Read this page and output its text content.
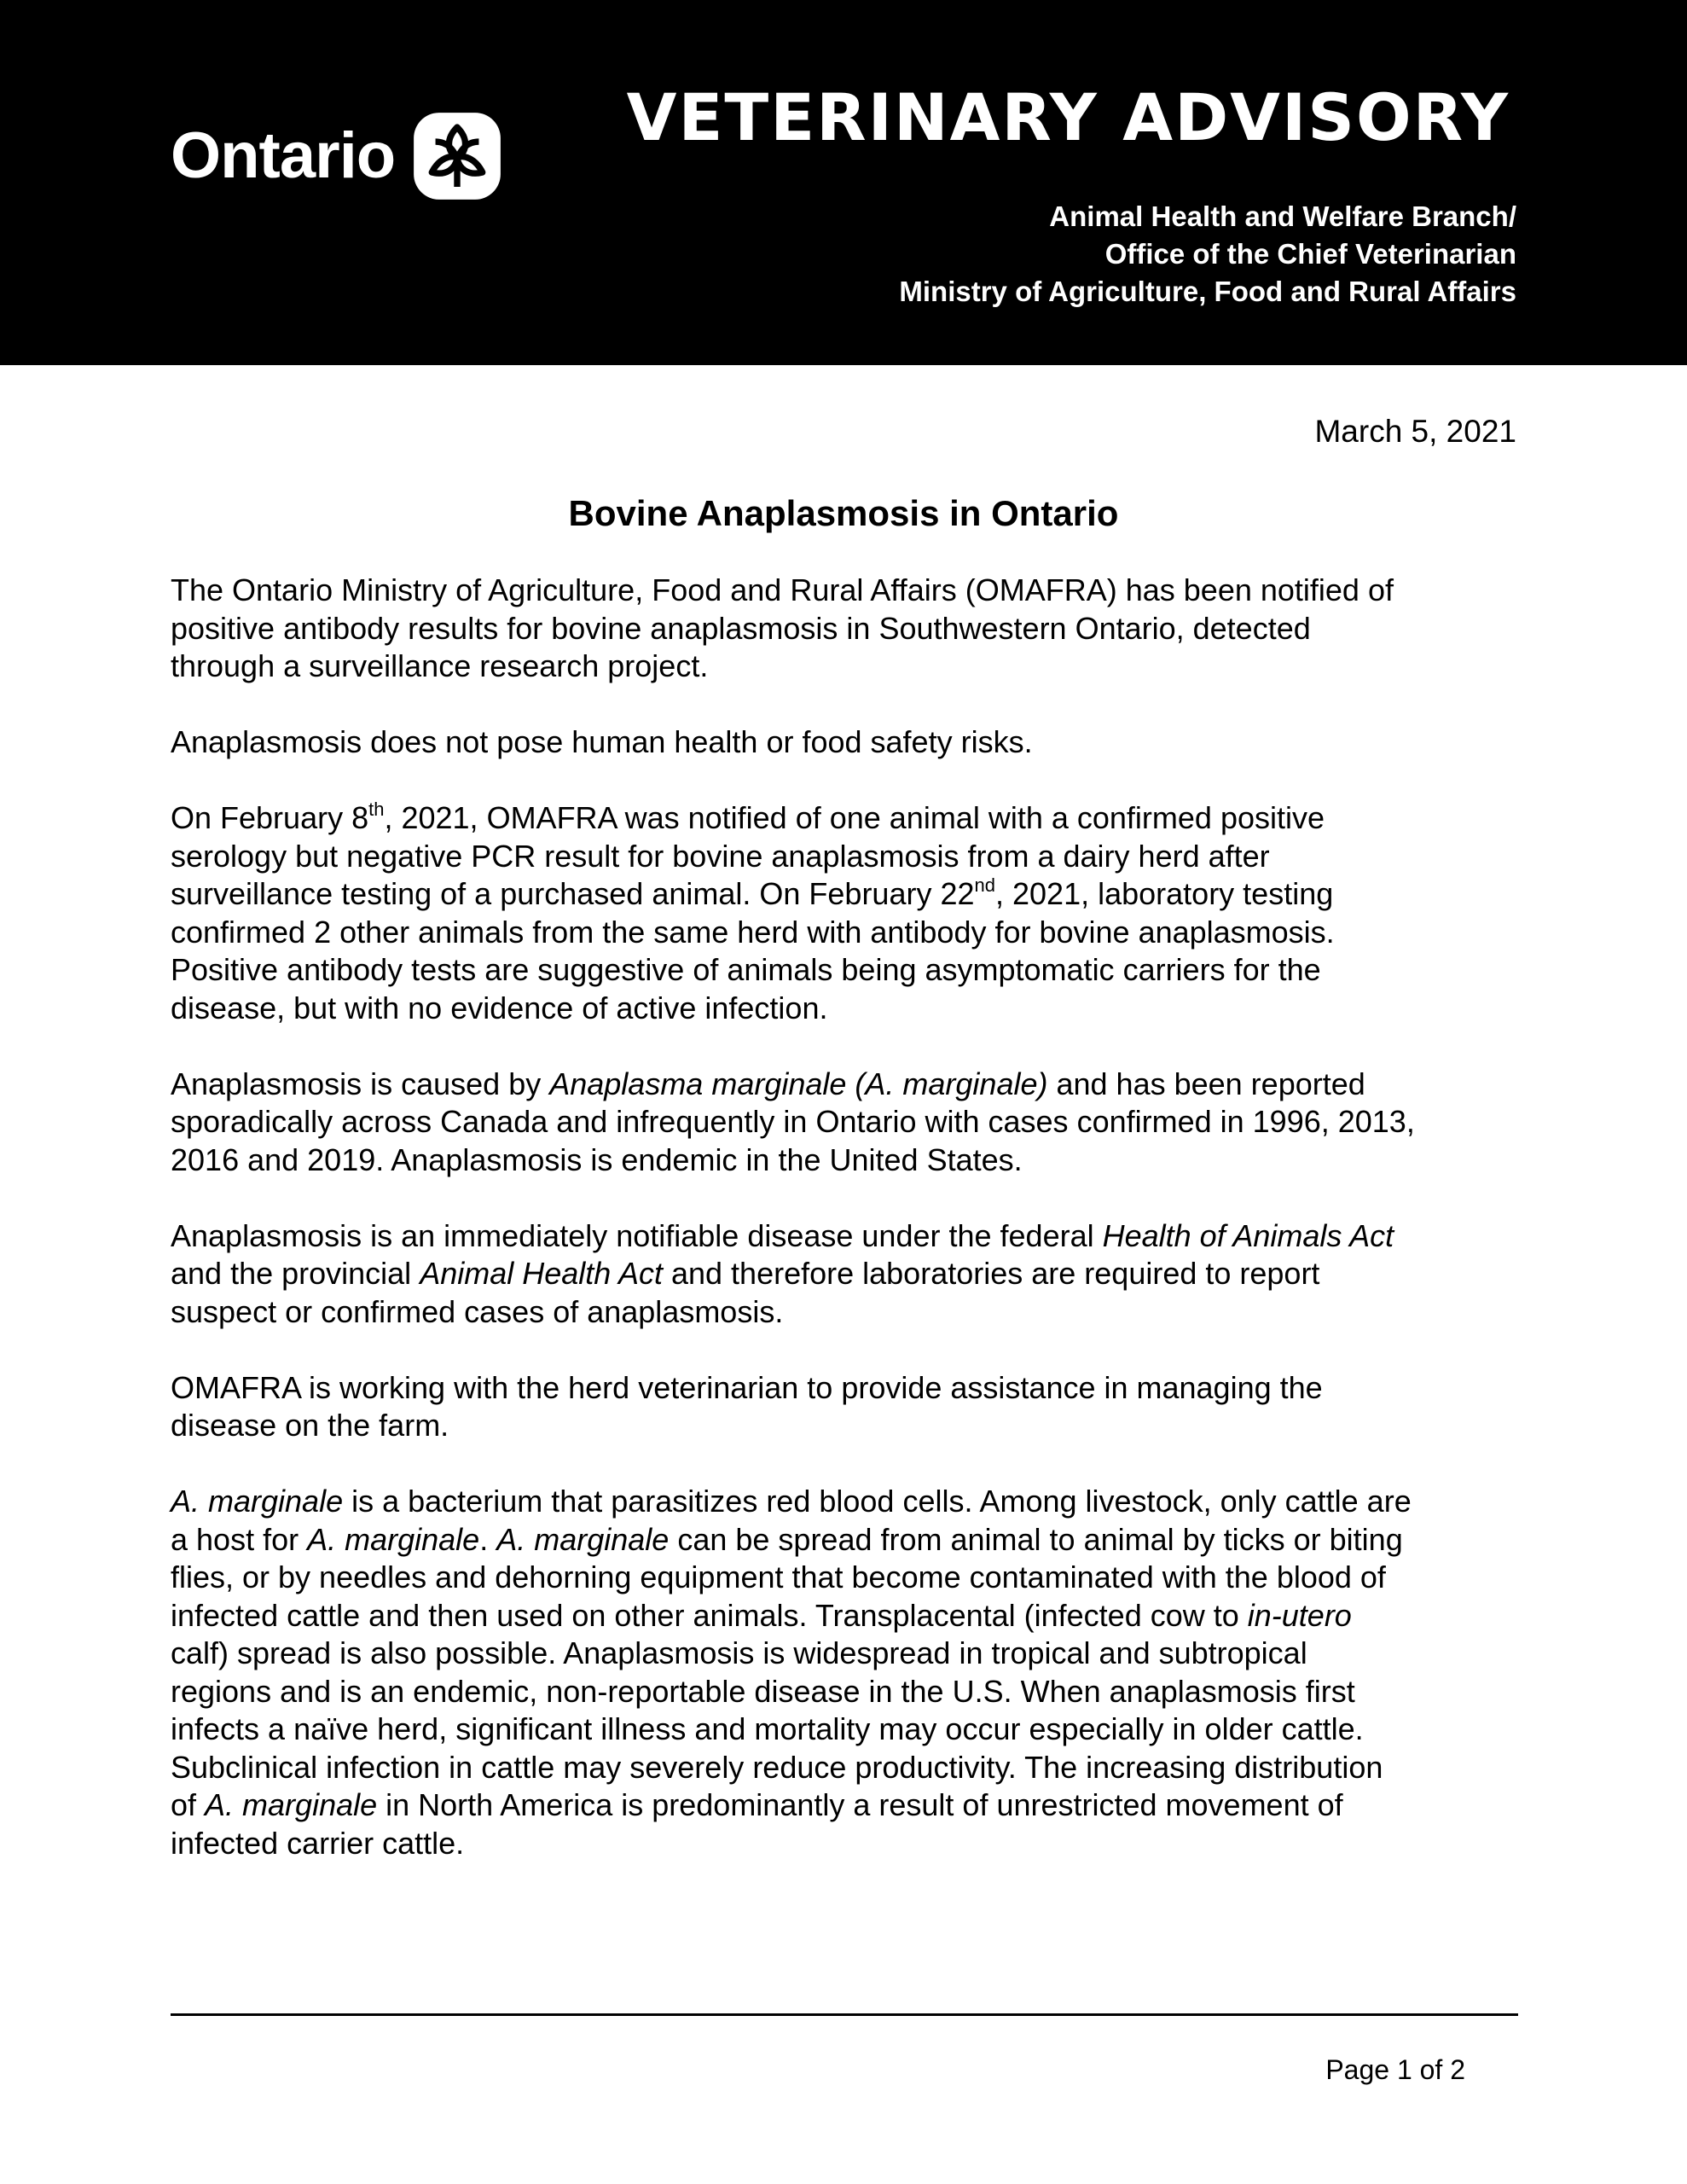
Ontario
VETERINARY ADVISORY
Animal Health and Welfare Branch/
Office of the Chief Veterinarian
Ministry of Agriculture, Food and Rural Affairs
March 5, 2021
Bovine Anaplasmosis in Ontario

The Ontario Ministry of Agriculture, Food and Rural Affairs (OMAFRA) has been notified of
positive antibody results for bovine anaplasmosis in Southwestern Ontario, detected
through a surveillance research project.

Anaplasmosis does not pose human health or food safety risks.

On February 8th, 2021, OMAFRA was notified of one animal with a confirmed positive
serology but negative PCR result for bovine anaplasmosis from a dairy herd after
surveillance testing of a purchased animal. On February 22nd, 2021, laboratory testing
confirmed 2 other animals from the same herd with antibody for bovine anaplasmosis.
Positive antibody tests are suggestive of animals being asymptomatic carriers for the
disease, but with no evidence of active infection.

Anaplasmosis is caused by Anaplasma marginale (A. marginale) and has been reported
sporadically across Canada and infrequently in Ontario with cases confirmed in 1996, 2013,
2016 and 2019. Anaplasmosis is endemic in the United States.

Anaplasmosis is an immediately notifiable disease under the federal Health of Animals Act
and the provincial Animal Health Act and therefore laboratories are required to report
suspect or confirmed cases of anaplasmosis.

OMAFRA is working with the herd veterinarian to provide assistance in managing the
disease on the farm.

A. marginale is a bacterium that parasitizes red blood cells. Among livestock, only cattle are
a host for A. marginale. A. marginale can be spread from animal to animal by ticks or biting
flies, or by needles and dehorning equipment that become contaminated with the blood of
infected cattle and then used on other animals. Transplacental (infected cow to in-utero
calf) spread is also possible. Anaplasmosis is widespread in tropical and subtropical
regions and is an endemic, non-reportable disease in the U.S. When anaplasmosis first
infects a naïve herd, significant illness and mortality may occur especially in older cattle.
Subclinical infection in cattle may severely reduce productivity. The increasing distribution
of A. marginale in North America is predominantly a result of unrestricted movement of
infected carrier cattle.

Page 1 of 2
